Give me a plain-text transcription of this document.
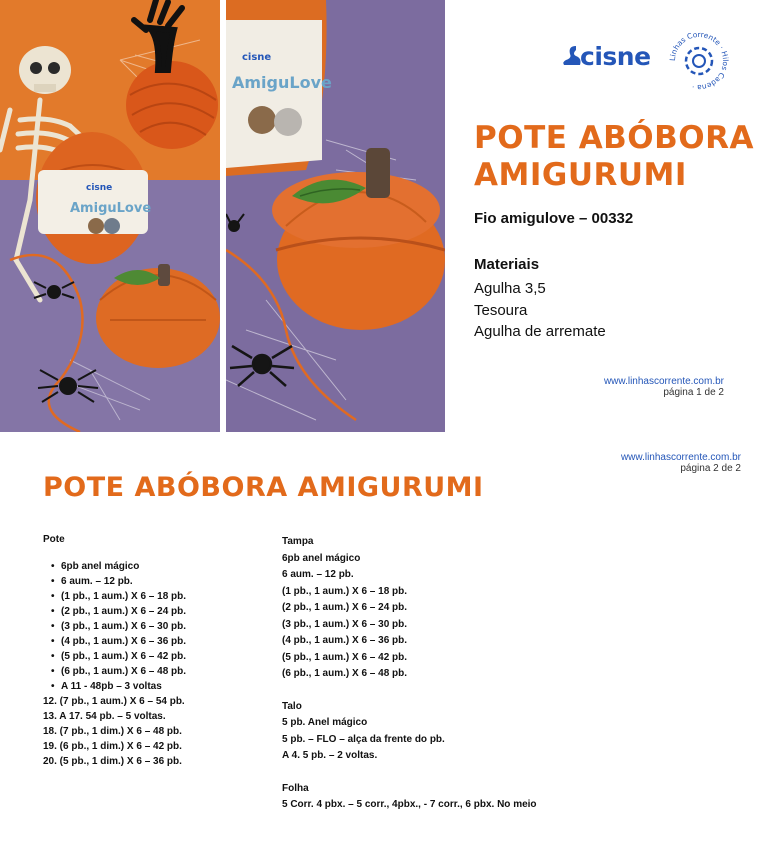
cisne
AmiguLove
cisne
AmiguLove
cisne Linhas Corrente · Hilos Cadena ·
POTE ABÓBORA AMIGURUMI
Fio amigulove – 00332
Materiais
Agulha 3,5
Tesoura
Agulha de arremate
www.linhascorrente.com.br
página 1 de 2
www.linhascorrente.com.br
página 2 de 2
POTE ABÓBORA AMIGURUMI
Pote
• 6pb anel mágico
• 6 aum. – 12 pb.
• (1 pb., 1 aum.) X 6 – 18 pb.
• (2 pb., 1 aum.) X 6 – 24 pb.
• (3 pb., 1 aum.) X 6 – 30 pb.
• (4 pb., 1 aum.) X 6 – 36 pb.
• (5 pb., 1 aum.) X 6 – 42 pb.
• (6 pb., 1 aum.) X 6 – 48 pb.
• A 11 - 48pb – 3 voltas
12. (7 pb., 1 aum.) X 6 – 54 pb.
13. A 17. 54 pb. – 5 voltas.
18. (7 pb., 1 dim.) X 6 – 48 pb.
19. (6 pb., 1 dim.) X 6 – 42 pb.
20. (5 pb., 1 dim.) X 6 – 36 pb.
Tampa
6pb anel mágico
6 aum. – 12 pb.
(1 pb., 1 aum.) X 6 – 18 pb.
(2 pb., 1 aum.) X 6 – 24 pb.
(3 pb., 1 aum.) X 6 – 30 pb.
(4 pb., 1 aum.) X 6 – 36 pb.
(5 pb., 1 aum.) X 6 – 42 pb.
(6 pb., 1 aum.) X 6 – 48 pb.
Talo
5 pb. Anel mágico
5 pb. – FLO – alça da frente do pb.
A 4. 5 pb. – 2 voltas.
Folha
5 Corr. 4 pbx. – 5 corr., 4pbx., - 7 corr., 6 pbx. No meio
